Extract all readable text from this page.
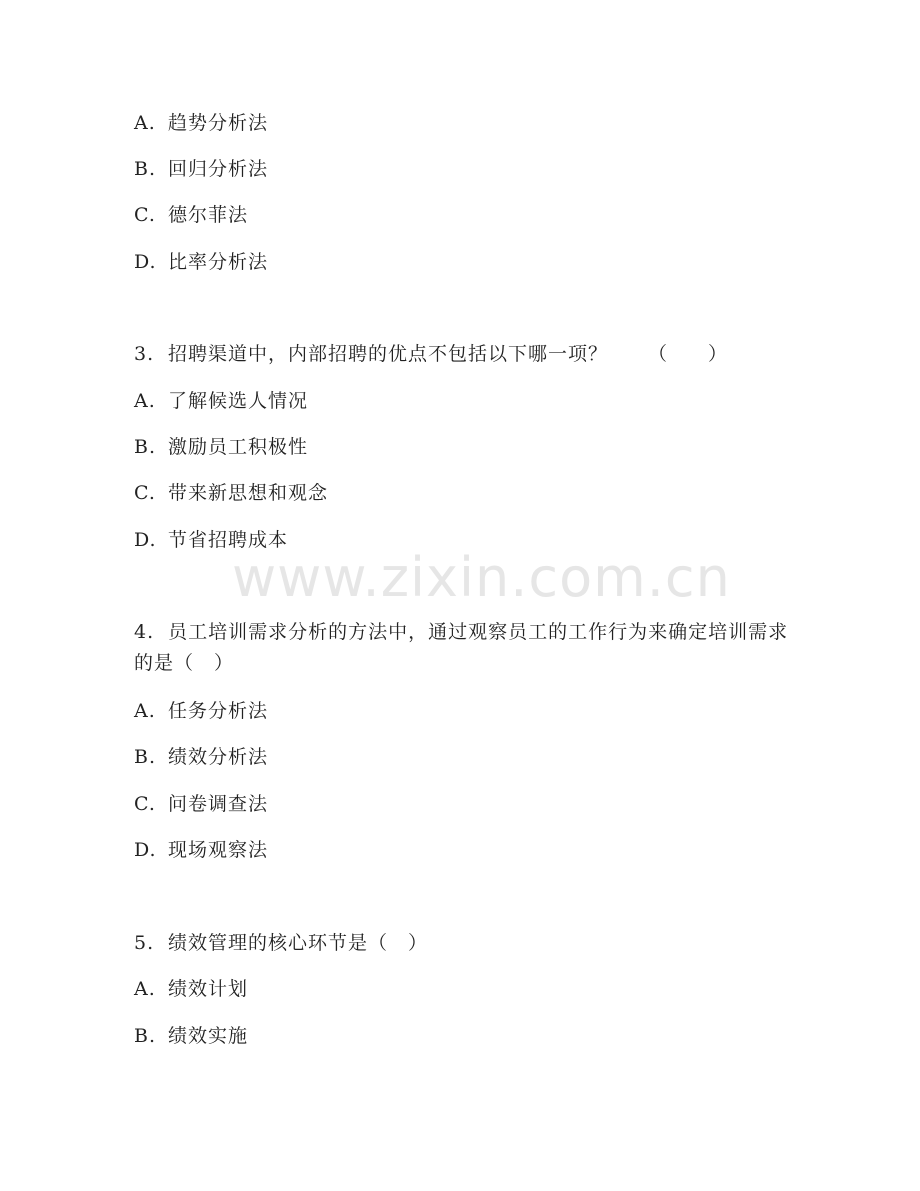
A. 趋势分析法
B. 回归分析法
C. 德尔菲法
D. 比率分析法
3. 招聘渠道中，内部招聘的优点不包括以下哪一项？ （　　）
A. 了解候选人情况
B. 激励员工积极性
C. 带来新思想和观念
D. 节省招聘成本
www.zixin.com.cn
4. 员工培训需求分析的方法中，通过观察员工的工作行为来确定培训需求的是（　）
A. 任务分析法
B. 绩效分析法
C. 问卷调查法
D. 现场观察法
5. 绩效管理的核心环节是（　）
A. 绩效计划
B. 绩效实施
